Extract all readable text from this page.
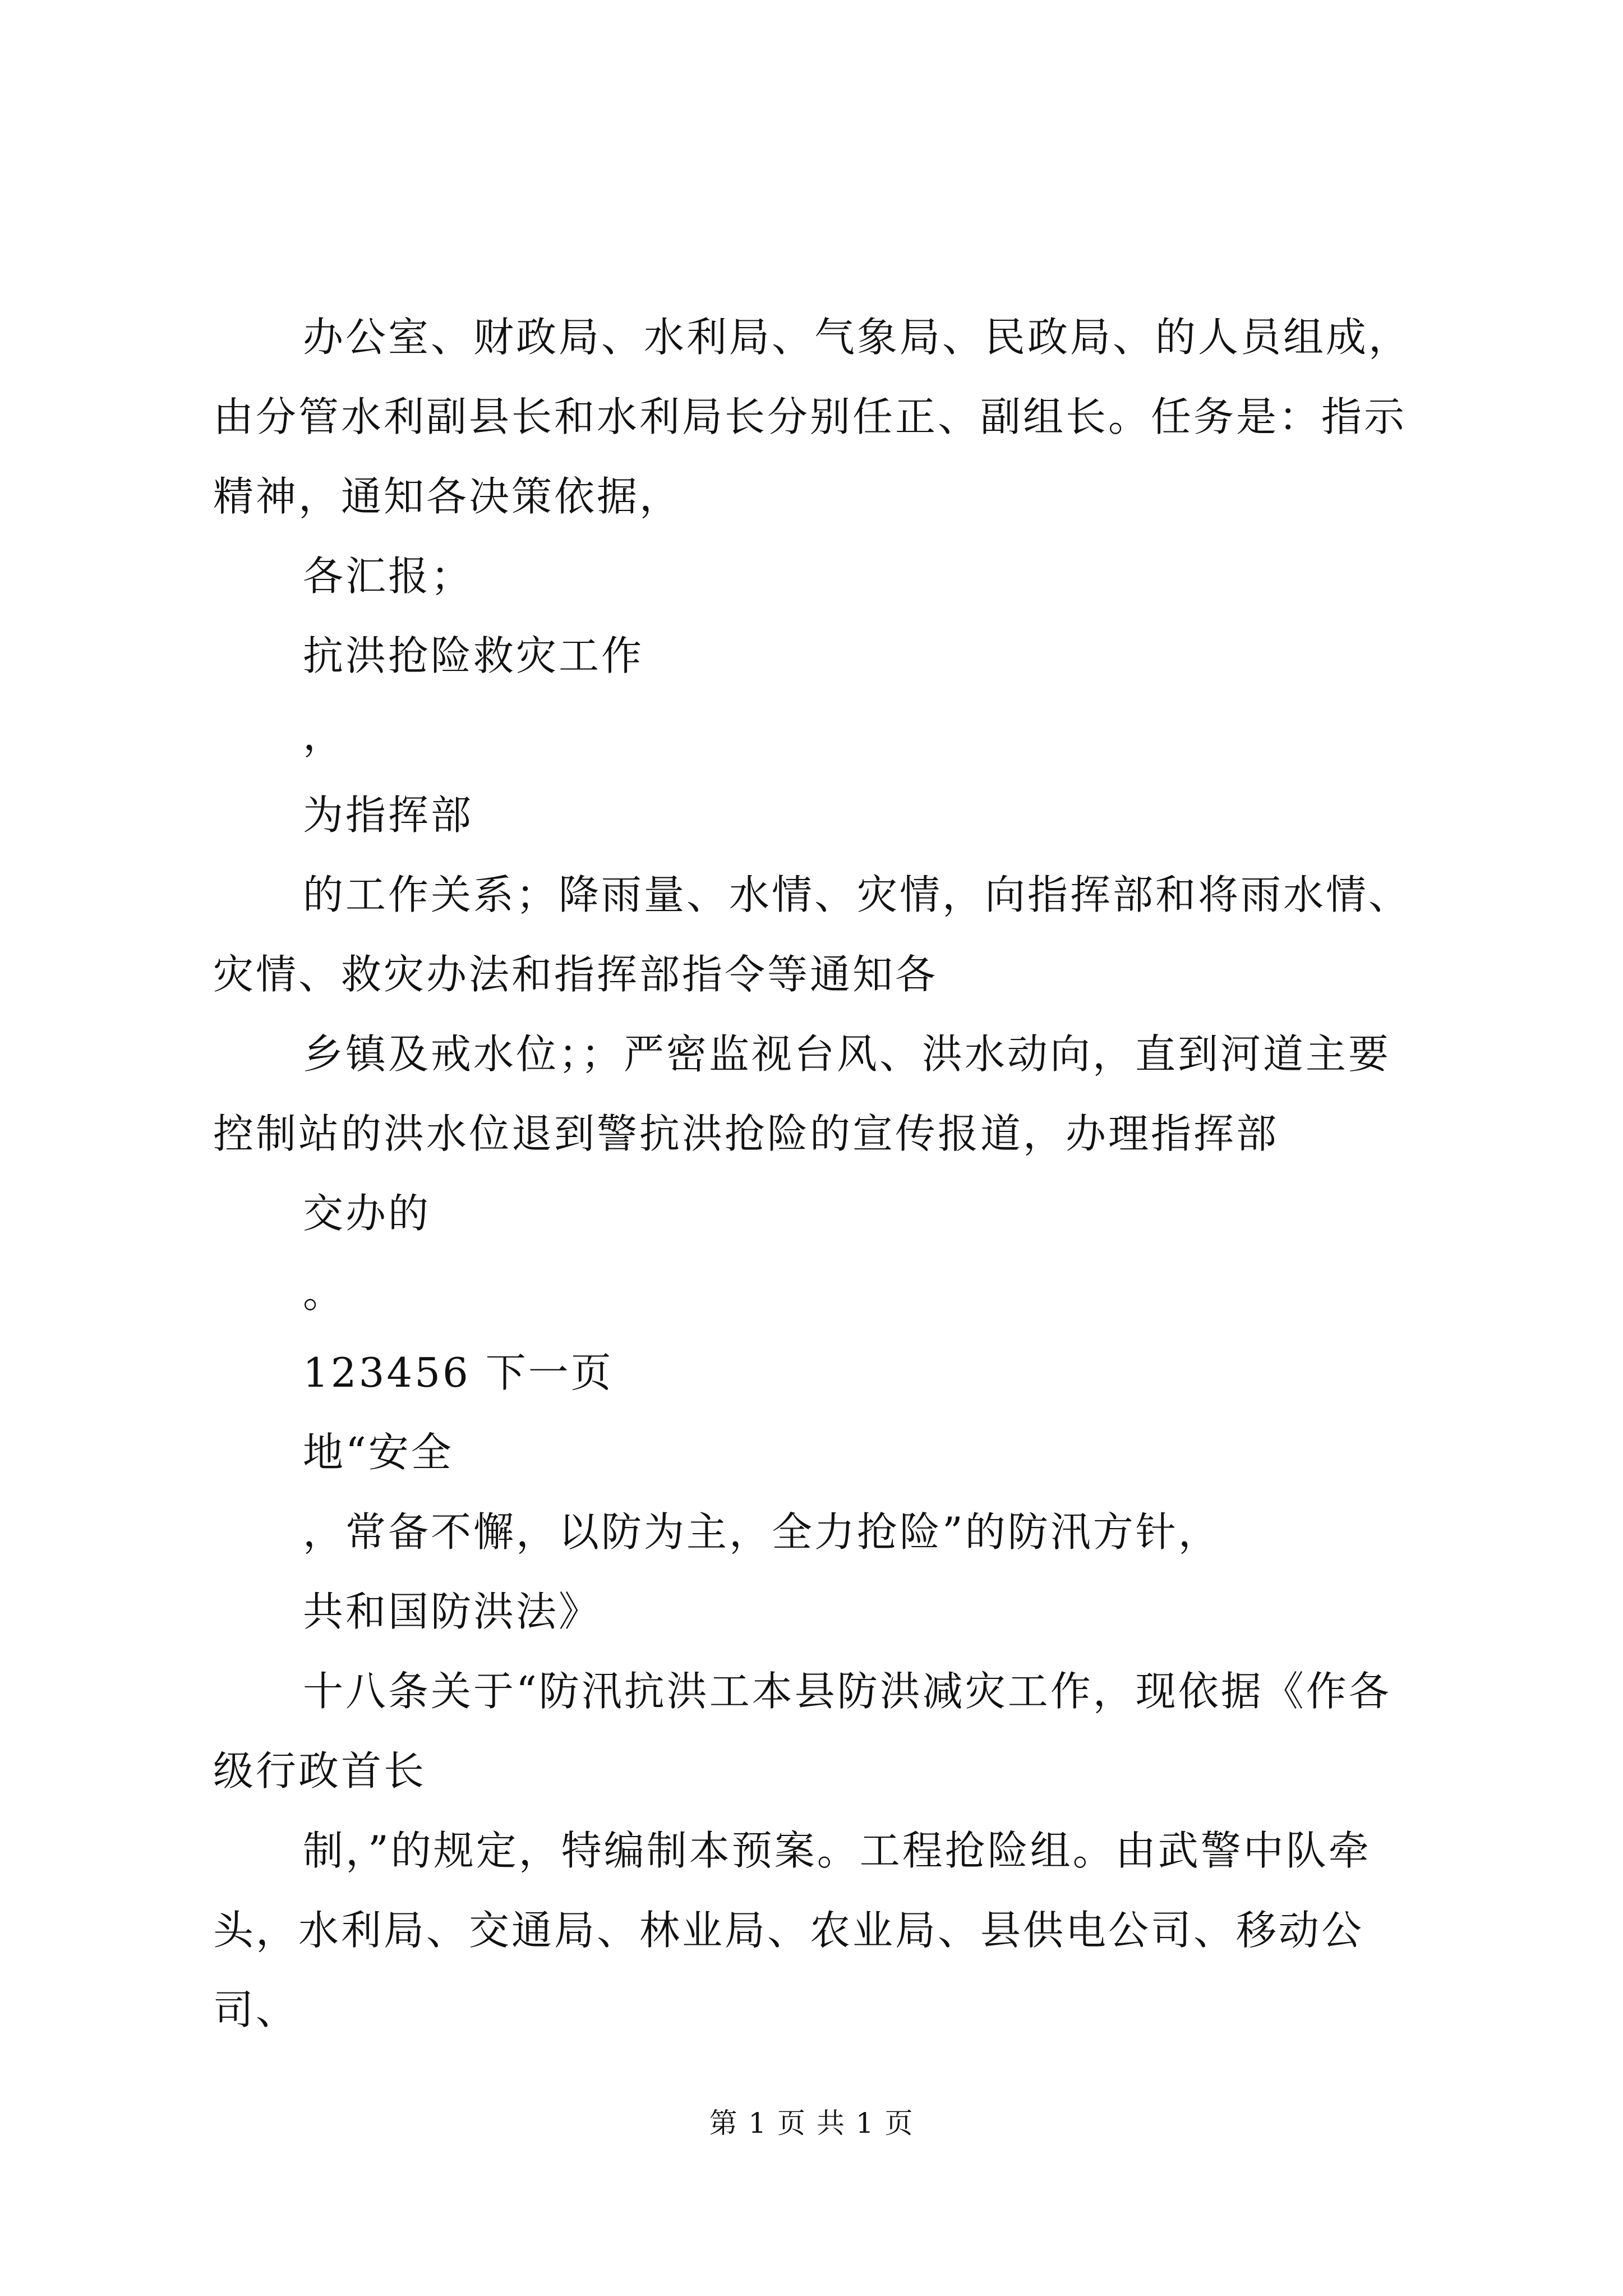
办公室、财政局、水利局、气象局、民政局、的人员组成，由分管水利副县长和水利局长分别任正、副组长。任务是：指示精神，通知各决策依据，

各汇报；

抗洪抢险救灾工作

，

为指挥部

的工作关系；降雨量、水情、灾情，向指挥部和将雨水情、灾情、救灾办法和指挥部指令等通知各

乡镇及戒水位；；严密监视台风、洪水动向，直到河道主要控制站的洪水位退到警抗洪抢险的宣传报道，办理指挥部

交办的

。

123456 下一页

地“安全

，常备不懈，以防为主，全力抢险”的防汛方针，

共和国防洪法》

十八条关于“防汛抗洪工本县防洪减灾工作，现依据《作各级行政首长

制，”的规定，特编制本预案。工程抢险组。由武警中队牵头，水利局、交通局、林业局、农业局、县供电公司、移动公司、

第 1 页 共 1 页
